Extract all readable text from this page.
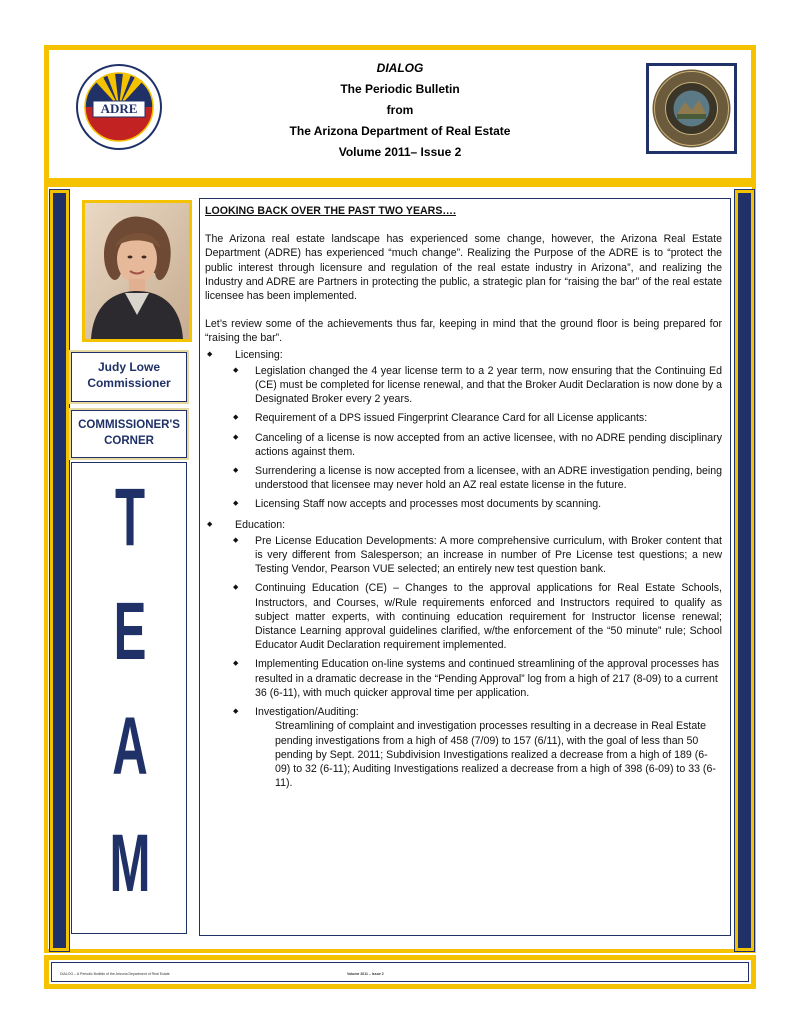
ADRE
DIALOG
The Periodic Bulletin
from
The Arizona Department of Real Estate
Volume 2011– Issue 2
Judy Lowe
Commissioner
COMMISSIONER'S
CORNER
T
E
A
M

LOOKING BACK OVER THE PAST TWO YEARS….

The Arizona real estate landscape has experienced some change, however, the Arizona Real Estate Department (ADRE) has experienced “much change”. Realizing the Purpose of the ADRE is to “protect the public interest through licensure and regulation of the real estate industry in Arizona”, and realizing the Industry and ADRE are Partners in protecting the public, a strategic plan for “raising the bar” of the real estate licensee has been implemented.

Let’s review some of the achievements thus far, keeping in mind that the ground floor is being prepared for “raising the bar”.

◆ Licensing:
◆ Legislation changed the 4 year license term to a 2 year term, now ensuring that the Continuing Ed (CE) must be completed for license renewal, and that the Broker Audit Declaration is now done by a Designated Broker every 2 years.
◆ Requirement of a DPS issued Fingerprint Clearance Card for all License applicants:
◆ Canceling of a license is now accepted from an active licensee, with no ADRE pending disciplinary actions against them.
◆ Surrendering a license is now accepted from a licensee, with an ADRE investigation pending, being understood that licensee may never hold an AZ real estate license in the future.
◆ Licensing Staff now accepts and processes most documents by scanning.
◆ Education:
◆ Pre License Education Developments: A more comprehensive curriculum, with Broker content that is very different from Salesperson; an increase in number of Pre License test questions; a new Testing Vendor, Pearson VUE selected; an entirely new test question bank.
◆ Continuing Education (CE) – Changes to the approval applications for Real Estate Schools, Instructors, and Courses, w/Rule requirements enforced and Instructors required to qualify as subject matter experts, with continuing education requirement for Instructor license renewal; Distance Learning approval guidelines clarified, w/the enforcement of the “50 minute” rule; School Educator Audit Declaration requirement implemented.
◆ Implementing Education on-line systems and continued streamlining of the approval processes has resulted in a dramatic decrease in the “Pending Approval” log from a high of 217 (8-09) to a current 36 (6-11), with much quicker approval time per application.
◆ Investigation/Auditing:
Streamlining of complaint and investigation processes resulting in a decrease in Real Estate pending investigations from a high of 458 (7/09) to 157 (6/11), with the goal of less than 50 pending by Sept. 2011; Subdivision Investigations realized a decrease from a high of 189 (6-09) to 32 (6-11); Auditing Investigations realized a decrease from a high of 398 (6-09) to 33 (6-11).
DIALOG – A Periodic Bulletin of the Arizona Department of Real Estate	Volume 2011 – Issue 2
